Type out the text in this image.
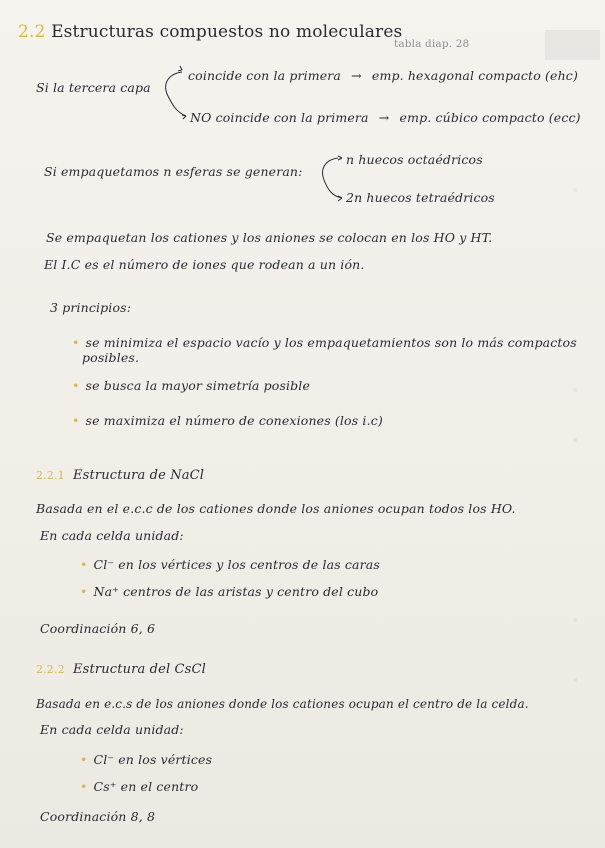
2.2 Estructuras compuestos no moleculares
tabla diap. 28
Si la tercera capa
coincide con la primera → emp. hexagonal compacto (ehc)
NO coincide con la primera → emp. cúbico compacto (ecc)
Si empaquetamos n esferas se generan:
n huecos octaédricos
2n huecos tetraédricos
Se empaquetan los cationes y los aniones se colocan en los HO y HT.
El I.C es el número de iones que rodean a un ión.
3 principios:
• se minimiza el espacio vacío y los empaquetamientos son lo más compactos
posibles.
• se busca la mayor simetría posible
• se maximiza el número de conexiones (los i.c)
2.2.1 Estructura de NaCl
Basada en el e.c.c de los cationes donde los aniones ocupan todos los HO.
En cada celda unidad:
• Cl⁻ en los vértices y los centros de las caras
• Na⁺ centros de las aristas y centro del cubo
Coordinación 6, 6
2.2.2 Estructura del CsCl
Basada en e.c.s de los aniones donde los cationes ocupan el centro de la celda.
En cada celda unidad:
• Cl⁻ en los vértices
• Cs⁺ en el centro
Coordinación 8, 8
